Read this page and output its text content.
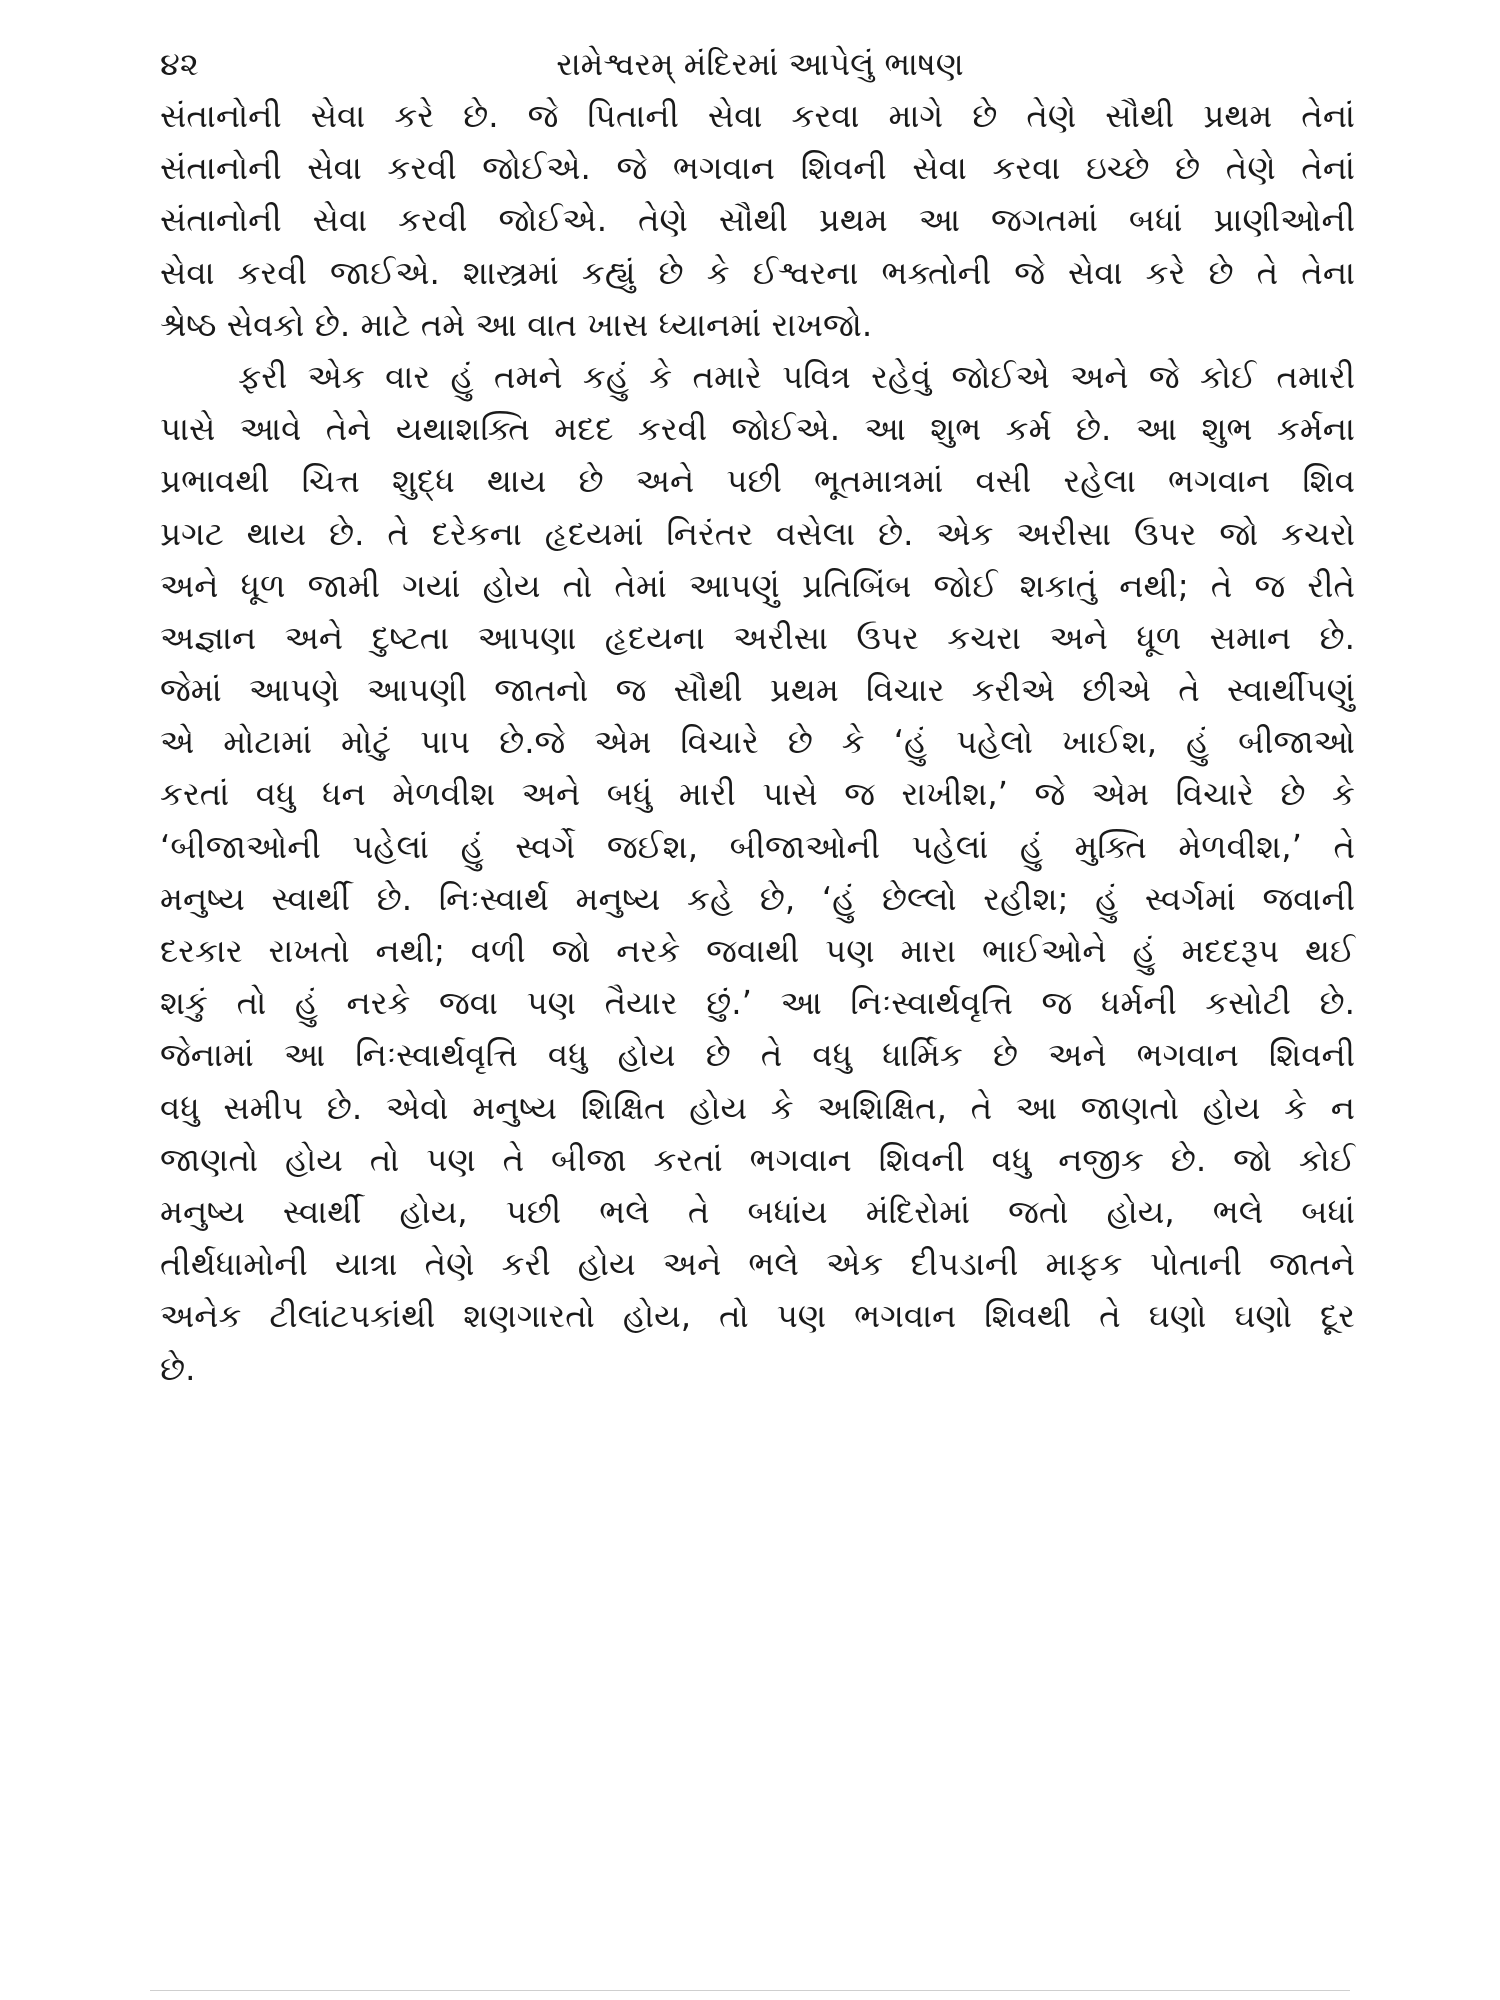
૪૨	રામેશ્વરમ્ મંદિરમાં આપેલું ભાષણ
સંતાનોની સેવા કરે છે. જે પિતાની સેવા કરવા માગે છે તેણે સૌથી પ્રથમ તેનાં
સંતાનોની સેવા કરવી જોઈએ. જે ભગવાન શિવની સેવા કરવા ઇચ્છે છે તેણે તેનાં
સંતાનોની સેવા કરવી જોઈએ. તેણે સૌથી પ્રથમ આ જગતમાં બધાં પ્રાણીઓની
સેવા કરવી જાઈએ. શાસ્ત્રમાં કહ્યું છે કે ઈશ્વરના ભક્તોની જે સેવા કરે છે તે તેના
શ્રેષ્ઠ સેવકો છે. માટે તમે આ વાત ખાસ ધ્યાનમાં રાખજો.
ફરી એક વાર હું તમને કહું કે તમારે પવિત્ર રહેવું જોઈએ અને જે કોઈ તમારી
પાસે આવે તેને યથાશક્તિ મદદ કરવી જોઈએ. આ શુભ કર્મ છે. આ શુભ કર્મના
પ્રભાવથી ચિત્ત શુદ્ધ થાય છે અને પછી ભૂતમાત્રમાં વસી રહેલા ભગવાન શિવ
પ્રગટ થાય છે. તે દરેકના હૃદયમાં નિરંતર વસેલા છે. એક અરીસા ઉપર જો કચરો
અને ધૂળ જામી ગયાં હોય તો તેમાં આપણું પ્રતિબિંબ જોઈ શકાતું નથી; તે જ રીતે
અજ્ઞાન અને દુષ્ટતા આપણા હૃદયના અરીસા ઉપર કચરા અને ધૂળ સમાન છે.
જેમાં આપણે આપણી જાતનો જ સૌથી પ્રથમ વિચાર કરીએ છીએ તે સ્વાર્થીપણું
એ મોટામાં મોટું પાપ છે.જે એમ વિચારે છે કે ‘હું પહેલો ખાઈશ, હું બીજાઓ
કરતાં વધુ ધન મેળવીશ અને બધું મારી પાસે જ રાખીશ,’ જે એમ વિચારે છે કે
‘બીજાઓની પહેલાં હું સ્વર્ગે જઈશ, બીજાઓની પહેલાં હું મુક્તિ મેળવીશ,’ તે
મનુષ્ય સ્વાર્થી છે. નિઃસ્વાર્થ મનુષ્ય કહે છે, ‘હું છેલ્લો રહીશ; હું સ્વર્ગમાં જવાની
દરકાર રાખતો નથી; વળી જો નરકે જવાથી પણ મારા ભાઈઓને હું મદદરૂપ થઈ
શકું તો હું નરકે જવા પણ તૈયાર છું.’ આ નિઃસ્વાર્થવૃત્તિ જ ધર્મની કસોટી છે.
જેનામાં આ નિઃસ્વાર્થવૃત્તિ વધુ હોય છે તે વધુ ધાર્મિક છે અને ભગવાન શિવની
વધુ સમીપ છે. એવો મનુષ્ય શિક્ષિત હોય કે અશિક્ષિત, તે આ જાણતો હોય કે ન
જાણતો હોય તો પણ તે બીજા કરતાં ભગવાન શિવની વધુ નજીક છે. જો કોઈ
મનુષ્ય સ્વાર્થી હોય, પછી ભલે તે બધાંય મંદિરોમાં જતો હોય, ભલે બધાં
તીર્થધામોની યાત્રા તેણે કરી હોય અને ભલે એક દીપડાની માફક પોતાની જાતને
અનેક ટીલાંટપકાંથી શણગારતો હોય, તો પણ ભગવાન શિવથી તે ઘણો ઘણો દૂર
છે.
